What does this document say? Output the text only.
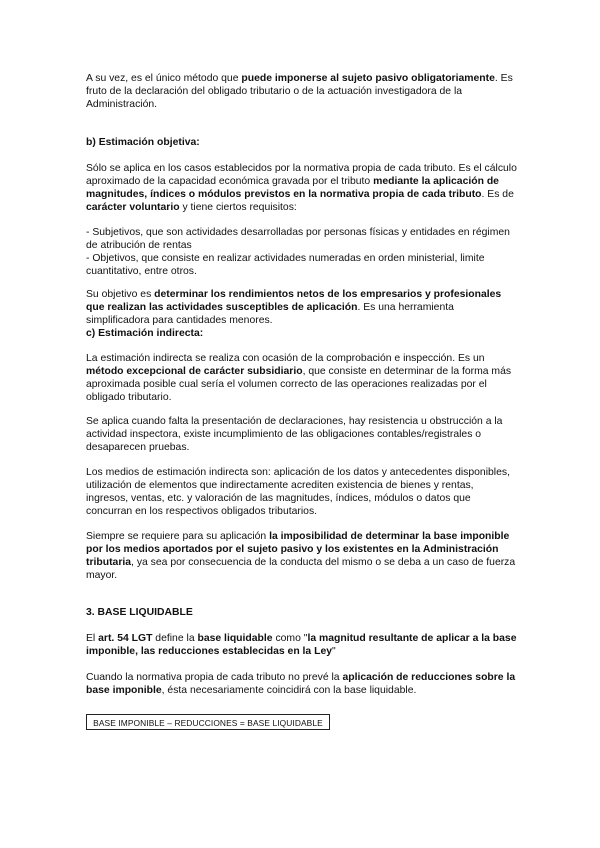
A su vez, es el único método que puede imponerse al sujeto pasivo obligatoriamente. Es fruto de la declaración del obligado tributario o de la actuación investigadora de la Administración.

b) Estimación objetiva:

Sólo se aplica en los casos establecidos por la normativa propia de cada tributo. Es el cálculo aproximado de la capacidad económica gravada por el tributo mediante la aplicación de magnitudes, índices o módulos previstos en la normativa propia de cada tributo. Es de carácter voluntario y tiene ciertos requisitos:

- Subjetivos, que son actividades desarrolladas por personas físicas y entidades en régimen de atribución de rentas

- Objetivos, que consiste en realizar actividades numeradas en orden ministerial, limite cuantitativo, entre otros.

Su objetivo es determinar los rendimientos netos de los empresarios y profesionales que realizan las actividades susceptibles de aplicación. Es una herramienta simplificadora para cantidades menores.

c) Estimación indirecta:

La estimación indirecta se realiza con ocasión de la comprobación e inspección. Es un método excepcional de carácter subsidiario, que consiste en determinar de la forma más aproximada posible cual sería el volumen correcto de las operaciones realizadas por el obligado tributario.

Se aplica cuando falta la presentación de declaraciones, hay resistencia u obstrucción a la actividad inspectora, existe incumplimiento de las obligaciones contables/registrales o desaparecen pruebas.

Los medios de estimación indirecta son: aplicación de los datos y antecedentes disponibles, utilización de elementos que indirectamente acrediten existencia de bienes y rentas, ingresos, ventas, etc. y valoración de las magnitudes, índices, módulos o datos que concurran en los respectivos obligados tributarios.

Siempre se requiere para su aplicación la imposibilidad de determinar la base imponible por los medios aportados por el sujeto pasivo y los existentes en la Administración tributaria, ya sea por consecuencia de la conducta del mismo o se deba a un caso de fuerza mayor.

3. BASE LIQUIDABLE

El art. 54 LGT define la base liquidable como "la magnitud resultante de aplicar a la base imponible, las reducciones establecidas en la Ley"

Cuando la normativa propia de cada tributo no prevé la aplicación de reducciones sobre la base imponible, ésta necesariamente coincidirá con la base liquidable.

BASE IMPONIBLE – REDUCCIONES = BASE LIQUIDABLE
